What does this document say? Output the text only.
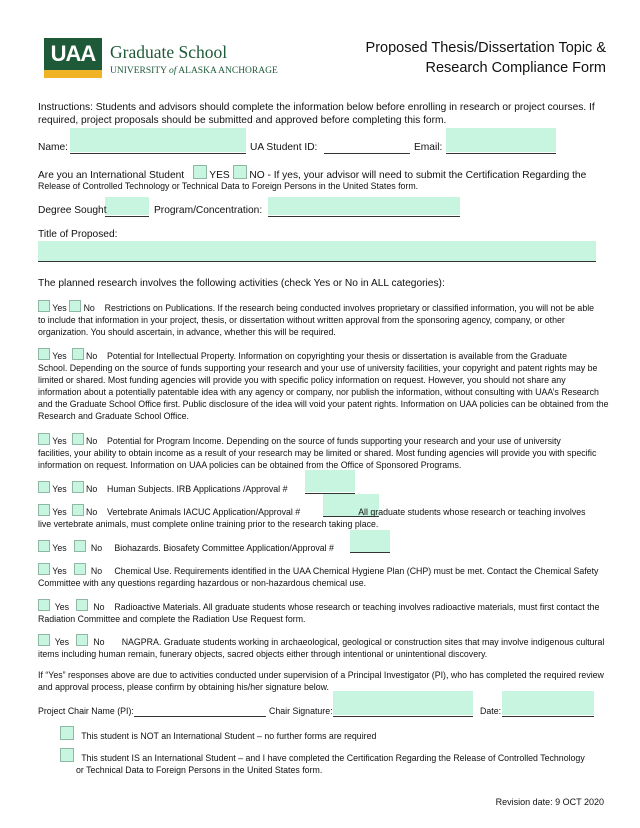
UAA Graduate School
UNIVERSITY of ALASKA ANCHORAGE
Proposed Thesis/Dissertation Topic &
Research Compliance Form
Instructions: Students and advisors should complete the information below before enrolling in research or project courses. If required, project proposals should be submitted and approved before completing this form.
Name:	UA Student ID:	Email:
Are you an International Student YES NO - If yes, your advisor will need to submit the Certification Regarding the
Release of Controlled Technology or Technical Data to Foreign Persons in the United States form.
Degree Sought	Program/Concentration:
Title of Proposed:
The planned research involves the following activities (check Yes or No in ALL categories):
Yes No Restrictions on Publications. If the research being conducted involves proprietary or classified information, you will not be able
to include that information in your project, thesis, or dissertation without written approval from the sponsoring agency, company, or other
organization. You should ascertain, in advance, whether this will be required.
Yes No Potential for Intellectual Property. Information on copyrighting your thesis or dissertation is available from the Graduate
School. Depending on the source of funds supporting your research and your use of university facilities, your copyright and patent rights may be
limited or shared. Most funding agencies will provide you with specific policy information on request. However, you should not share any
information about a potentially patentable idea with any agency or company, nor publish the information, without consulting with UAA’s Research
and the Graduate School Office first. Public disclosure of the idea will void your patent rights. Information on UAA policies can be obtained from the
Research and Graduate School Office.
Yes No Potential for Program Income. Depending on the source of funds supporting your research and your use of university
facilities, your ability to obtain income as a result of your research may be limited or shared. Most funding agencies will provide you with specific
information on request. Information on UAA policies can be obtained from the Office of Sponsored Programs.
Yes No Human Subjects. IRB Applications /Approval #
Yes No Vertebrate Animals IACUC Application/Approval #	All graduate students whose research or teaching involves
live vertebrate animals, must complete online training prior to the research taking place.
Yes	No Biohazards. Biosafety Committee Application/Approval #
Yes	No Chemical Use. Requirements identified in the UAA Chemical Hygiene Plan (CHP) must be met. Contact the Chemical Safety
Committee with any questions regarding hazardous or non-hazardous chemical use.
Yes	No Radioactive Materials. All graduate students whose research or teaching involves radioactive materials, must first contact the
Radiation Committee and complete the Radiation Use Request form.
Yes	No NAGPRA. Graduate students working in archaeological, geological or construction sites that may involve indigenous cultural
items including human remain, funerary objects, sacred objects either through intentional or unintentional discovery.
If “Yes” responses above are due to activities conducted under supervision of a Principal Investigator (PI), who has completed the required review
and approval process, please confirm by obtaining his/her signature below.
Project Chair Name (PI):	Chair Signature:	Date:
This student is NOT an International Student – no further forms are required
This student IS an International Student – and I have completed the Certification Regarding the Release of Controlled Technology
or Technical Data to Foreign Persons in the United States form.
Revision date: 9 OCT 2020
